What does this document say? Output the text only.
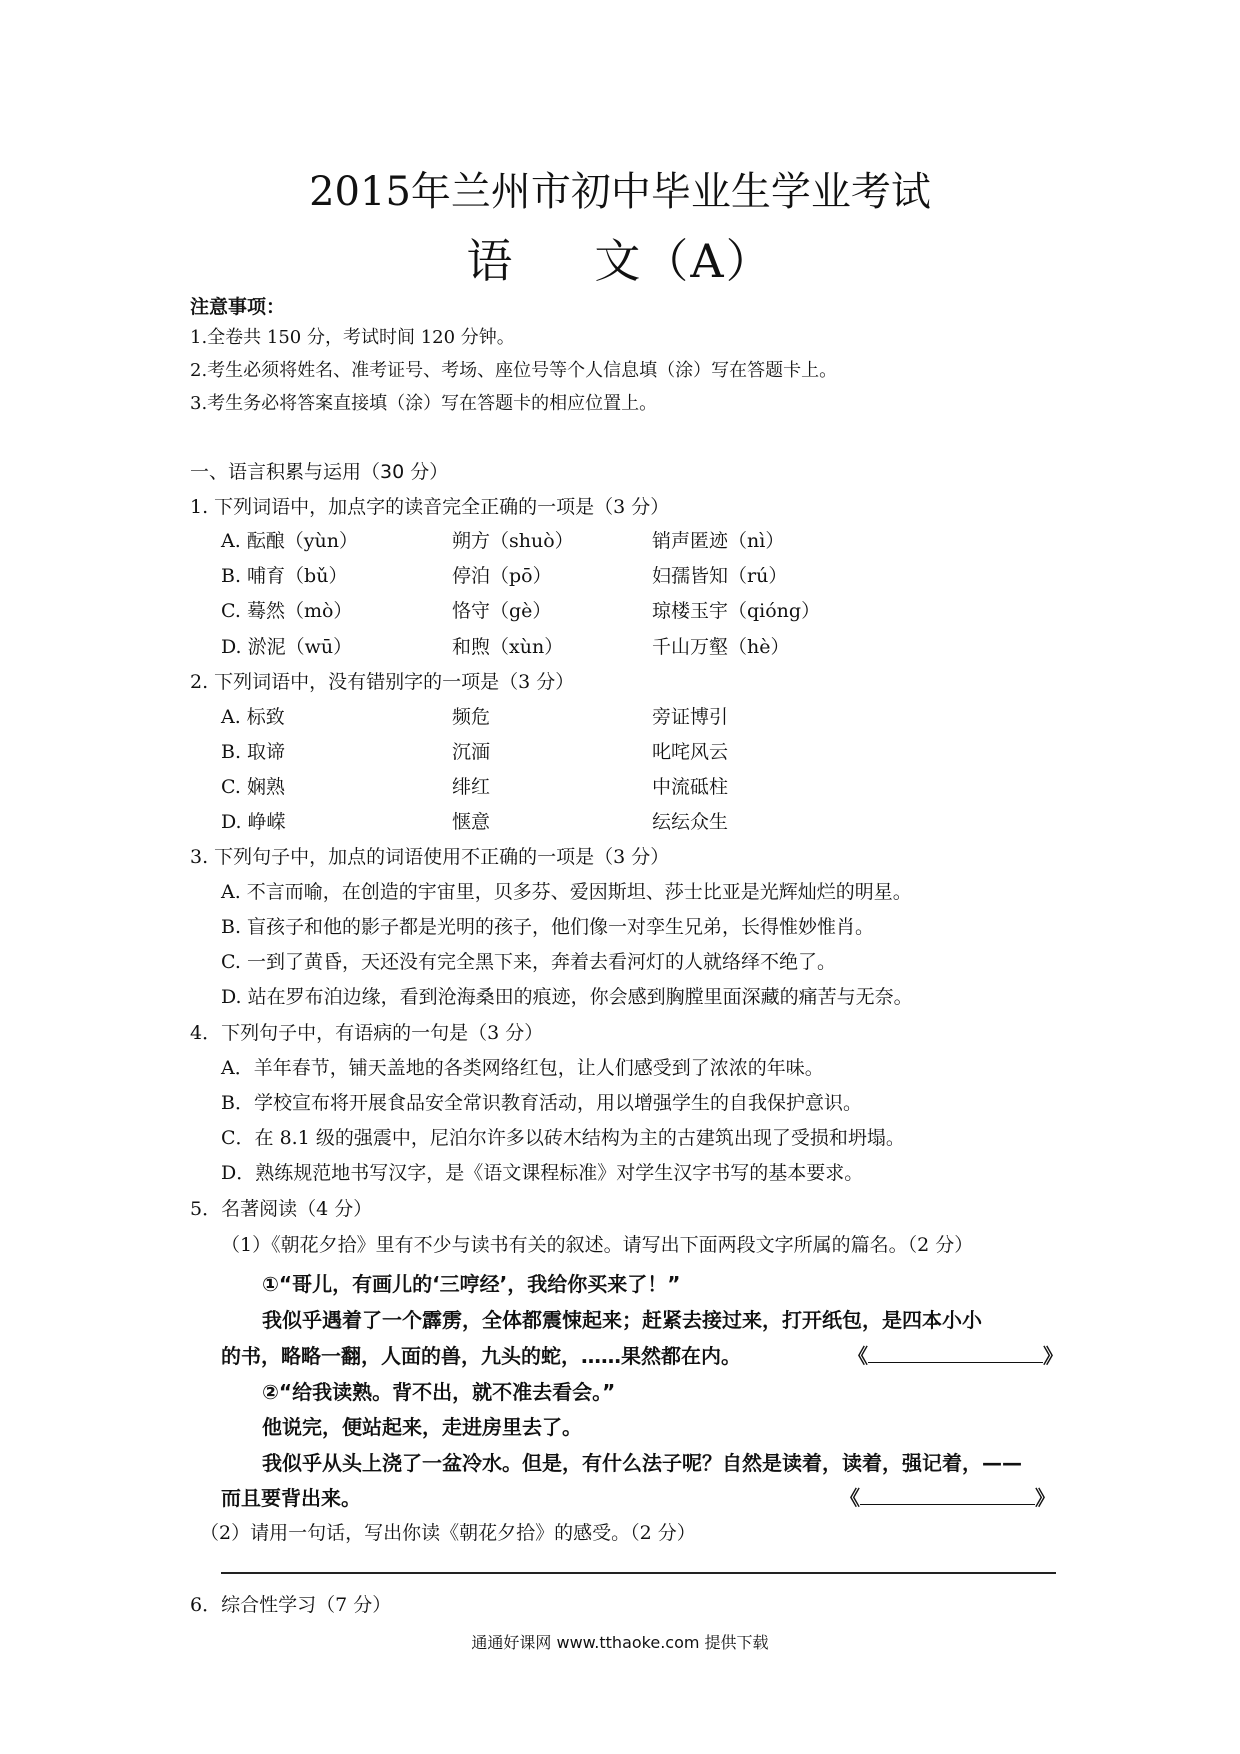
2015年兰州市初中毕业生学业考试
语 文（A）
注意事项：
1.全卷共 150 分，考试时间 120 分钟。
2.考生必须将姓名、准考证号、考场、座位号等个人信息填（涂）写在答题卡上。
3.考生务必将答案直接填（涂）写在答题卡的相应位置上。
一、语言积累与运用（30 分）
1. 下列词语中，加点字的读音完全正确的一项是（3 分）
A. 酝酿（yùn）	朔方（shuò）	销声匿迹（nì）
B. 哺育（bǔ）	停泊（pō）	妇孺皆知（rú）
C. 蓦然（mò）	恪守（gè）	琼楼玉宇（qióng）
D. 淤泥（wū）	和煦（xùn）	千山万壑（hè）
2. 下列词语中，没有错别字的一项是（3 分）
A. 标致	频危	旁证博引
B. 取谛	沉湎	叱咤风云
C. 娴熟	绯红	中流砥柱
D. 峥嵘	惬意	纭纭众生
3. 下列句子中，加点的词语使用不正确的一项是（3 分）
A. 不言而喻，在创造的宇宙里，贝多芬、爱因斯坦、莎士比亚是光辉灿烂的明星。
B. 盲孩子和他的影子都是光明的孩子，他们像一对孪生兄弟，长得惟妙惟肖。
C. 一到了黄昏，天还没有完全黑下来，奔着去看河灯的人就络绎不绝了。
D. 站在罗布泊边缘，看到沧海桑田的痕迹，你会感到胸膛里面深藏的痛苦与无奈。
4．下列句子中，有语病的一句是（3 分）
A．羊年春节，铺天盖地的各类网络红包，让人们感受到了浓浓的年味。
B．学校宣布将开展食品安全常识教育活动，用以增强学生的自我保护意识。
C．在 8.1 级的强震中，尼泊尔许多以砖木结构为主的古建筑出现了受损和坍塌。
D．熟练规范地书写汉字，是《语文课程标准》对学生汉字书写的基本要求。
5．名著阅读（4 分）
（1）《朝花夕拾》里有不少与读书有关的叙述。请写出下面两段文字所属的篇名。（2 分）
①“哥儿，有画儿的‘三哼经’，我给你买来了！”
我似乎遇着了一个霹雳，全体都震悚起来；赶紧去接过来，打开纸包，是四本小小
的书，略略一翻，人面的兽，九头的蛇，……果然都在内。	《	》
②“给我读熟。背不出，就不准去看会。”
他说完，便站起来，走进房里去了。
我似乎从头上浇了一盆冷水。但是，有什么法子呢？自然是读着，读着，强记着，——
而且要背出来。	《	》
（2）请用一句话，写出你读《朝花夕拾》的感受。（2 分）
6．综合性学习（7 分）
通通好课网 www.tthaoke.com 提供下载
